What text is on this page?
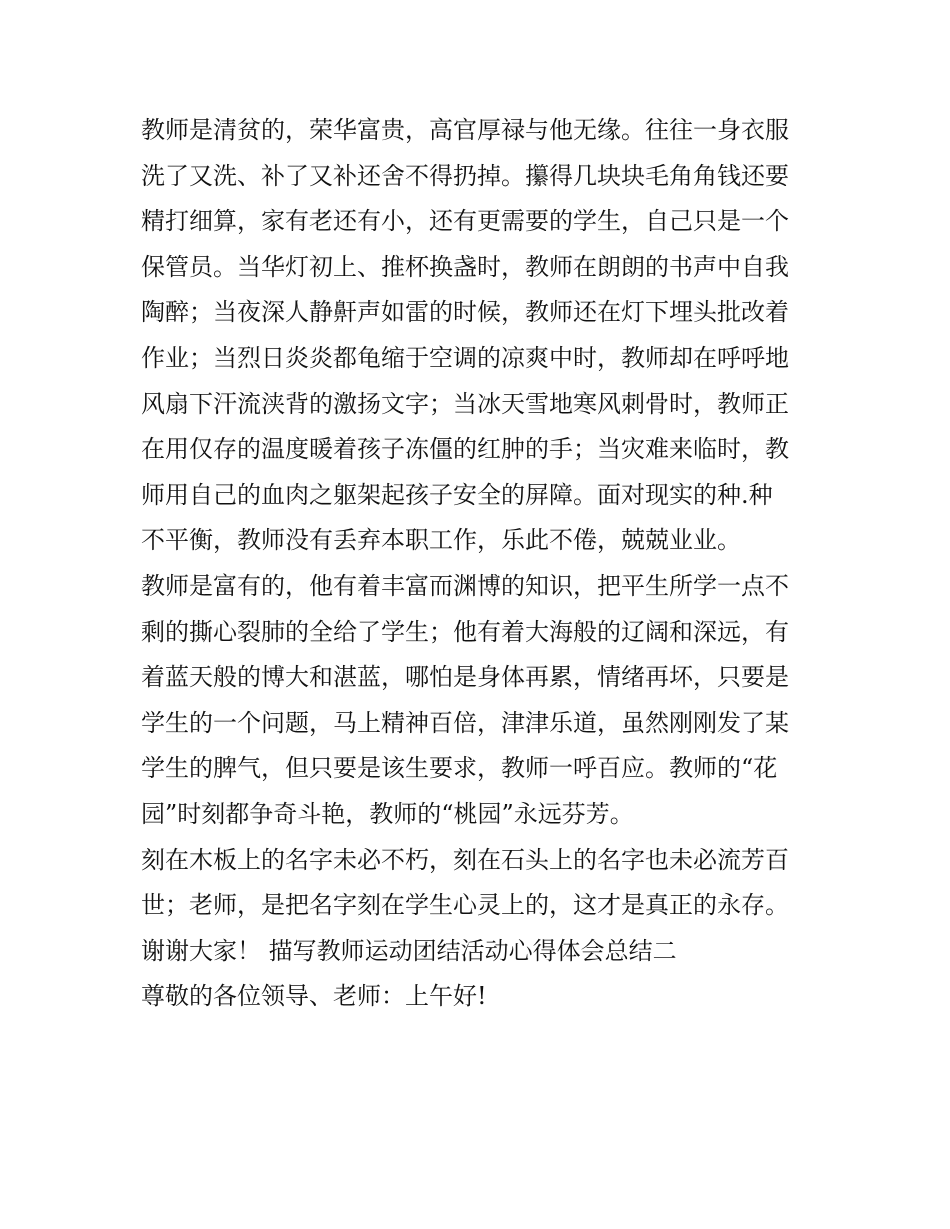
教师是清贫的，荣华富贵，高官厚禄与他无缘。往往一身衣服
洗了又洗、补了又补还舍不得扔掉。攥得几块块毛角角钱还要
精打细算，家有老还有小，还有更需要的学生，自己只是一个
保管员。当华灯初上、推杯换盏时，教师在朗朗的书声中自我
陶醉；当夜深人静鼾声如雷的时候，教师还在灯下埋头批改着
作业；当烈日炎炎都龟缩于空调的凉爽中时，教师却在呼呼地
风扇下汗流浃背的激扬文字；当冰天雪地寒风刺骨时，教师正
在用仅存的温度暖着孩子冻僵的红肿的手；当灾难来临时，教
师用自己的血肉之躯架起孩子安全的屏障。面对现实的种.种
不平衡，教师没有丢弃本职工作，乐此不倦，兢兢业业。
教师是富有的，他有着丰富而渊博的知识，把平生所学一点不
剩的撕心裂肺的全给了学生；他有着大海般的辽阔和深远，有
着蓝天般的博大和湛蓝，哪怕是身体再累，情绪再坏，只要是
学生的一个问题，马上精神百倍，津津乐道，虽然刚刚发了某
学生的脾气，但只要是该生要求，教师一呼百应。教师的“花
园”时刻都争奇斗艳，教师的“桃园”永远芬芳。
刻在木板上的名字未必不朽，刻在石头上的名字也未必流芳百
世；老师，是把名字刻在学生心灵上的，这才是真正的永存。
谢谢大家！ 描写教师运动团结活动心得体会总结二
尊敬的各位领导、老师：上午好!
